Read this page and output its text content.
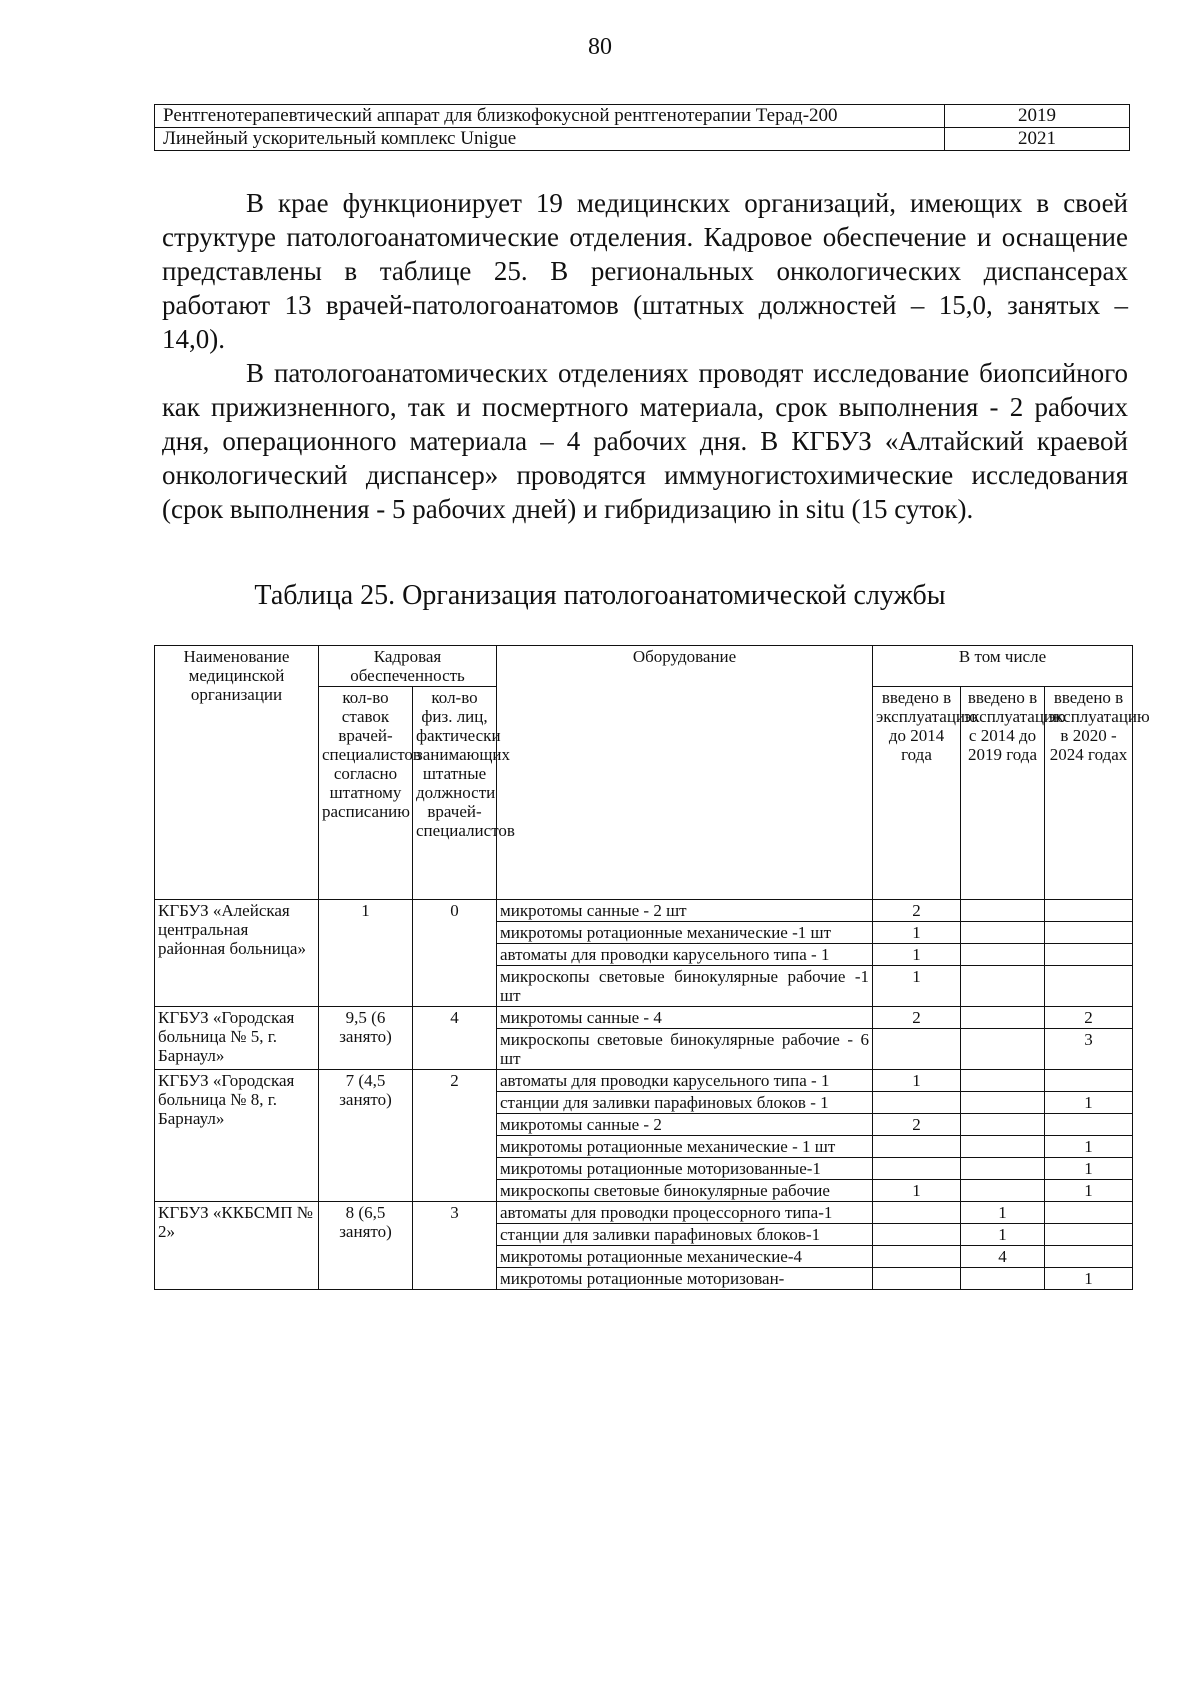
80
Рентгенотерапевтический аппарат для близкофокусной рентгенотерапии Терад-200	2019
Линейный ускорительный комплекс Unigue	2021

В крае функционирует 19 медицинских организаций, имеющих в своей структуре патологоанатомические отделения. Кадровое обеспечение и оснащение представлены в таблице 25. В региональных онкологических диспансерах работают 13 врачей-патологоанатомов (штатных должностей – 15,0, занятых – 14,0).

В патологоанатомических отделениях проводят исследование биопсийного как прижизненного, так и посмертного материала, срок выполнения - 2 рабочих дня, операционного материала – 4 рабочих дня. В КГБУЗ «Алтайский краевой онкологический диспансер» проводятся иммуногистохимические исследования (срок выполнения - 5 рабочих дней) и гибридизацию in situ (15 суток).

Таблица 25. Организация патологоанатомической службы
Наименование медицинской организации	Кадровая обеспеченность		Оборудование	В том числе		
	кол-во ставок врачей-специалистов согласно штатному расписанию	кол-во физ. лиц, фактически занимающих штатные должности врачей-специалистов		введено в эксплуатацию до 2014 года	введено в эксплуатацию с 2014 до 2019 года	введено в эксплуатацию в 2020 - 2024 годах
КГБУЗ «Алейская центральная районная больница»	1	0	микротомы санные - 2 шт	2		
			микротомы ротационные механические -1 шт	1		
			автоматы для проводки карусельного типа - 1	1		
			микроскопы световые бинокулярные рабочие -1 шт	1		
КГБУЗ «Городская больница № 5, г. Барнаул»	9,5 (6 занято)	4	микротомы санные - 4	2		2
			микроскопы световые бинокулярные рабочие - 6 шт			3
КГБУЗ «Городская больница № 8, г. Барнаул»	7 (4,5 занято)	2	автоматы для проводки карусельного типа - 1	1		
			станции для заливки парафиновых блоков - 1			1
			микротомы санные - 2	2		
			микротомы ротационные механические - 1 шт			1
			микротомы ротационные моторизованные-1			1
			микроскопы световые бинокулярные рабочие	1		1
КГБУЗ «ККБСМП № 2»	8 (6,5 занято)	3	автоматы для проводки процессорного типа-1		1	
			станции для заливки парафиновых блоков-1		1	
			микротомы ротационные механические-4		4	
			микротомы ротационные моторизован-			1
